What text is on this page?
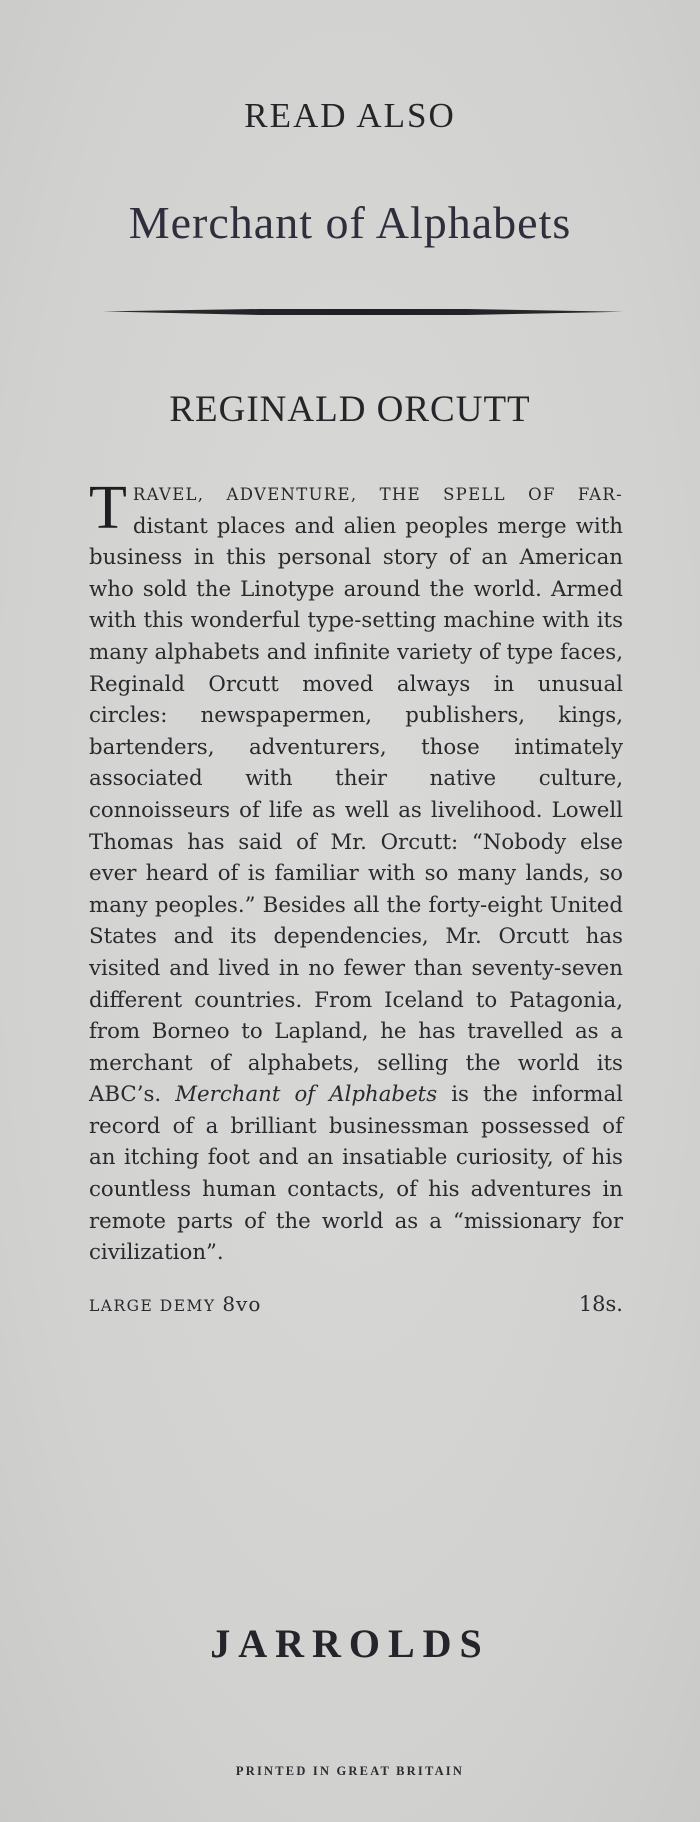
READ ALSO
Merchant of Alphabets
REGINALD ORCUTT
TRAVEL, ADVENTURE, THE SPELL OF FAR- distant places and alien peoples merge with business in this personal story of an American who sold the Linotype around the world. Armed with this wonderful type-setting machine with its many alphabets and infinite variety of type faces, Reginald Orcutt moved always in unusual circles: newspapermen, publishers, kings, bartenders, adventurers, those intimately associated with their native culture, connoisseurs of life as well as livelihood. Lowell Thomas has said of Mr. Orcutt: “Nobody else ever heard of is familiar with so many lands, so many peoples.” Besides all the forty-eight United States and its dependencies, Mr. Orcutt has visited and lived in no fewer than seventy-seven different countries. From Iceland to Patagonia, from Borneo to Lapland, he has travelled as a merchant of alphabets, selling the world its ABC’s. Merchant of Alphabets is the informal record of a brilliant businessman possessed of an itching foot and an insatiable curiosity, of his countless human contacts, of his adventures in remote parts of the world as a “missionary for civilization”.
LARGE DEMY 8vo	18s.
JARROLDS
PRINTED IN GREAT BRITAIN
